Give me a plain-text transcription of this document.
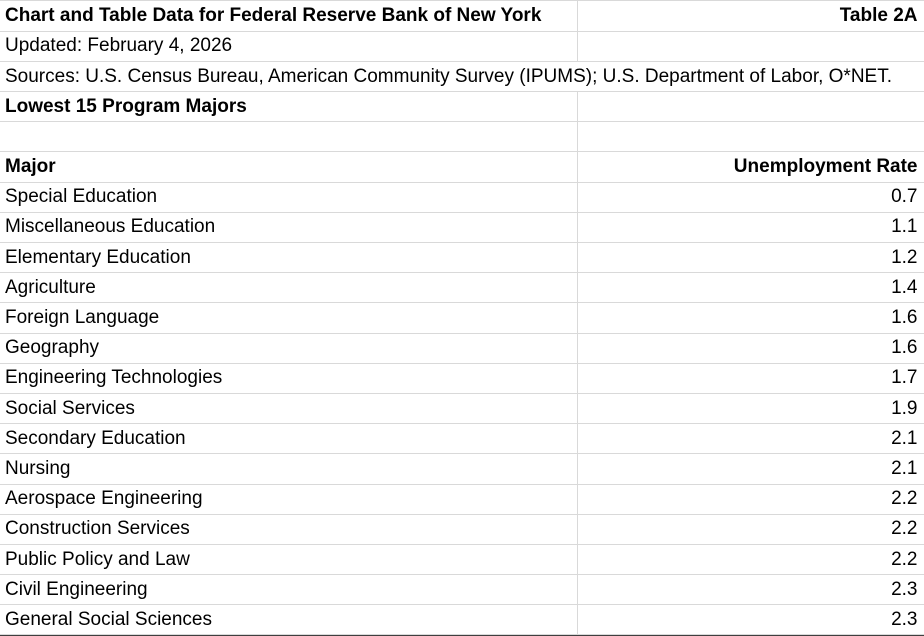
Chart and Table Data for Federal Reserve Bank of New York	Table 2A
Updated: February 4, 2026	
Sources: U.S. Census Bureau, American Community Survey (IPUMS); U.S. Department of Labor, O*NET.	
Lowest 15 Program Majors	

Major	Unemployment Rate
Special Education	0.7
Miscellaneous Education	1.1
Elementary Education	1.2
Agriculture	1.4
Foreign Language	1.6
Geography	1.6
Engineering Technologies	1.7
Social Services	1.9
Secondary Education	2.1
Nursing	2.1
Aerospace Engineering	2.2
Construction Services	2.2
Public Policy and Law	2.2
Civil Engineering	2.3
General Social Sciences	2.3
